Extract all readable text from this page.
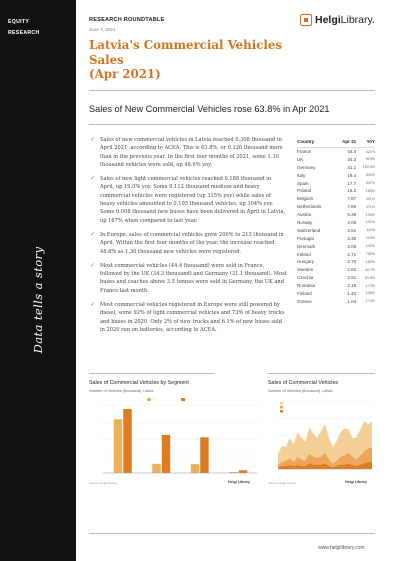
EQUITY
RESEARCH
Data tells a story
RESEARCH ROUNDTABLE
June 7, 2021
Latvia's Commercial Vehicles Sales
(Apr 2021)
HelgiLibrary.
Sales of New Commercial Vehicles rose 63.8% in Apr 2021
✓ Sales of new commercial vehicles in Latvia reached 0.308 thousand in April 2021, according to ACEA. This is 63.8%, or 0.120 thousand more than in the previous year. In the first four months of 2021, some 1.30 thousand vehicles were sold, up 48.6% yoy.
✓ Sales of new light commercial vehicles reached 0.188 thousand in April, up 19.0% yoy. Some 0.112 thousand medium and heavy commercial vehicles were registered (up 315% yoy) while sales of heavy vehicles amounted to 0.105 thousand vehicles, up 304% yoy. Some 0.008 thousand new buses have been delivered in April in Latvia, up 167% when compared to last year.
✓ In Europe, sales of commercial vehicles grew 200% to 213 thousand in April. Within the first four months of the year, the increase reached 48.6% as 1.30 thousand new vehicles were registered.
✓ Most commercial vehicles (44.4 thousand) were sold in France, followed by the UK (34.3 thousand) and Germany (31.1 thousand). Most buses and coaches above 3.5 tonnes were sold in Germany, the UK and France last month.
✓ Most commercial vehicles registered in Europe were still powered by diesel, some 92% of light commercial vehicles and 73% of heavy trucks and buses in 2020. Only 2% of new trucks and 6.1% of new buses sold in 2020 run on batteries, according to ACEA.
Country	Apr 21	YoY
France	44.4	421%
UK	34.3	619%
Germany	31.1	100.0%
Italy	19.4	843%
Spain	17.7	547%
Poland	16.2	160%
Belgium	7.87	321%
Netherlands	7.69	371%
Austria	5.39	109%
Norway	4.06	121%
Switzerland	3.51	111%
Portugal	3.30	215%
Denmark	3.06	102%
Ireland	2.71	792%
Hungary	2.70	152%
Sweden	2.62	44.7%
Czechia	2.51	53.6%
Romania	2.15	173%
Finland	1.40	105%
Greece	1.04	174%
Sales of Commercial Vehicles by Segment
Number of Vehicles (thousand), Latvia
Source: Helgi Library	Helgi Library
Sales of Commercial Vehicles
Number of Vehicles (thousand), Latvia
Source: Helgi Library	Helgi Library
www.helgilibrary.com
